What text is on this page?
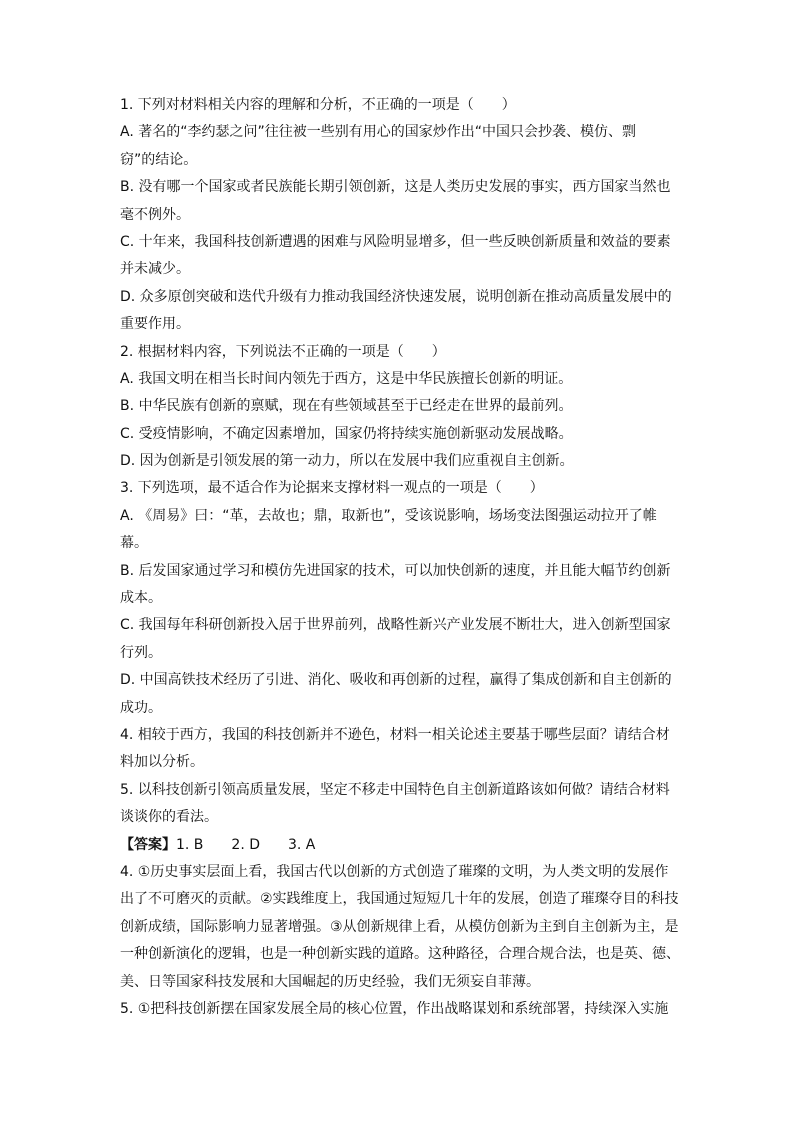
1. 下列对材料相关内容的理解和分析，不正确的一项是（　　）
A. 著名的“李约瑟之问”往往被一些别有用心的国家炒作出“中国只会抄袭、模仿、剽
窃”的结论。
B. 没有哪一个国家或者民族能长期引领创新，这是人类历史发展的事实，西方国家当然也
毫不例外。
C. 十年来，我国科技创新遭遇的困难与风险明显增多，但一些反映创新质量和效益的要素
并未减少。
D. 众多原创突破和迭代升级有力推动我国经济快速发展，说明创新在推动高质量发展中的
重要作用。
2. 根据材料内容，下列说法不正确的一项是（　　）
A. 我国文明在相当长时间内领先于西方，这是中华民族擅长创新的明证。
B. 中华民族有创新的禀赋，现在有些领域甚至于已经走在世界的最前列。
C. 受疫情影响，不确定因素增加，国家仍将持续实施创新驱动发展战略。
D. 因为创新是引领发展的第一动力，所以在发展中我们应重视自主创新。
3. 下列选项，最不适合作为论据来支撑材料一观点的一项是（　　）
A. 《周易》曰：“革，去故也；鼎，取新也”，受该说影响，场场变法图强运动拉开了帷
幕。
B. 后发国家通过学习和模仿先进国家的技术，可以加快创新的速度，并且能大幅节约创新
成本。
C. 我国每年科研创新投入居于世界前列，战略性新兴产业发展不断壮大，进入创新型国家
行列。
D. 中国高铁技术经历了引进、消化、吸收和再创新的过程，赢得了集成创新和自主创新的
成功。
4. 相较于西方，我国的科技创新并不逊色，材料一相关论述主要基于哪些层面？请结合材
料加以分析。
5. 以科技创新引领高质量发展，坚定不移走中国特色自主创新道路该如何做？请结合材料
谈谈你的看法。
【答案】1. B　　2. D　　3. A
4. ①历史事实层面上看，我国古代以创新的方式创造了璀璨的文明，为人类文明的发展作
出了不可磨灭的贡献。②实践维度上，我国通过短短几十年的发展，创造了璀璨夺目的科技
创新成绩，国际影响力显著增强。③从创新规律上看，从模仿创新为主到自主创新为主，是
一种创新演化的逻辑，也是一种创新实践的道路。这种路径，合理合规合法，也是英、德、
美、日等国家科技发展和大国崛起的历史经验，我们无须妄自菲薄。
5. ①把科技创新摆在国家发展全局的核心位置，作出战略谋划和系统部署，持续深入实施
